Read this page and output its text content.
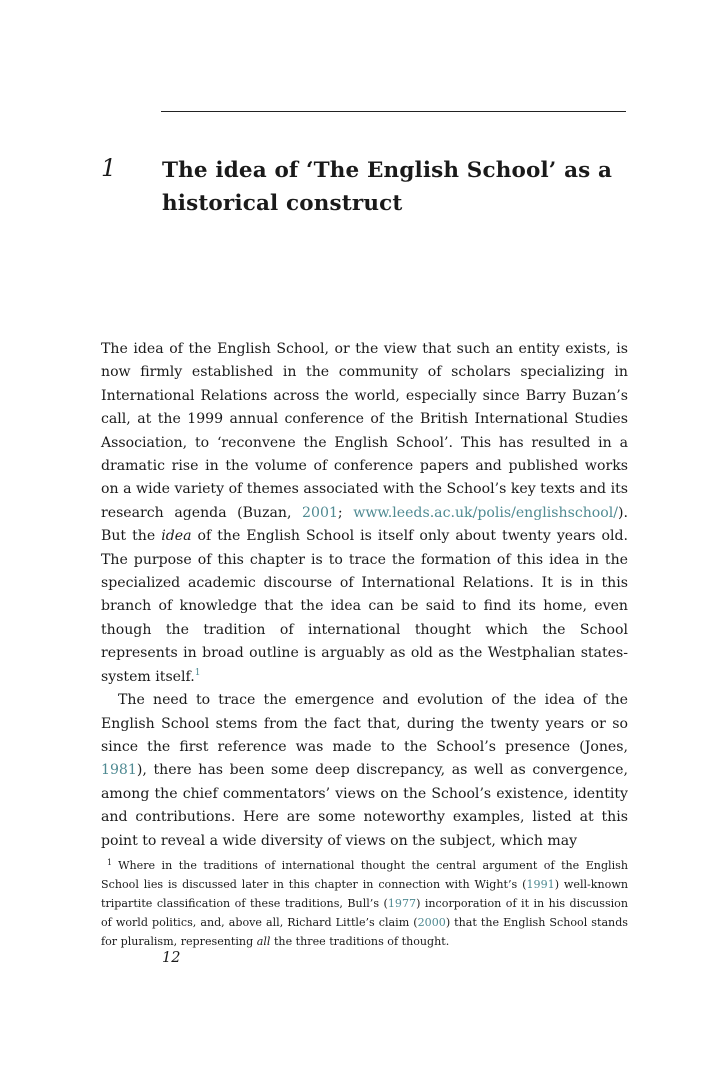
1 The idea of ‘The English School’ as a historical construct

The idea of the English School, or the view that such an entity exists, is now firmly established in the community of scholars specializing in International Relations across the world, especially since Barry Buzan’s call, at the 1999 annual conference of the British International Studies Association, to ‘reconvene the English School’. This has resulted in a dramatic rise in the volume of conference papers and published works on a wide variety of themes associated with the School’s key texts and its research agenda (Buzan, 2001; www.leeds.ac.uk/polis/englishschool/). But the idea of the English School is itself only about twenty years old. The purpose of this chapter is to trace the formation of this idea in the specialized academic discourse of International Relations. It is in this branch of knowledge that the idea can be said to find its home, even though the tradition of international thought which the School represents in broad outline is arguably as old as the Westphalian states-system itself.$^1$

The need to trace the emergence and evolution of the idea of the English School stems from the fact that, during the twenty years or so since the first reference was made to the School’s presence (Jones, 1981), there has been some deep discrepancy, as well as convergence, among the chief commentators’ views on the School’s existence, identity and contributions. Here are some noteworthy examples, listed at this point to reveal a wide diversity of views on the subject, which may

$^1$ Where in the traditions of international thought the central argument of the English School lies is discussed later in this chapter in connection with Wight’s (1991) well-known tripartite classification of these traditions, Bull’s (1977) incorporation of it in his discussion of world politics, and, above all, Richard Little’s claim (2000) that the English School stands for pluralism, representing all the three traditions of thought.
12
